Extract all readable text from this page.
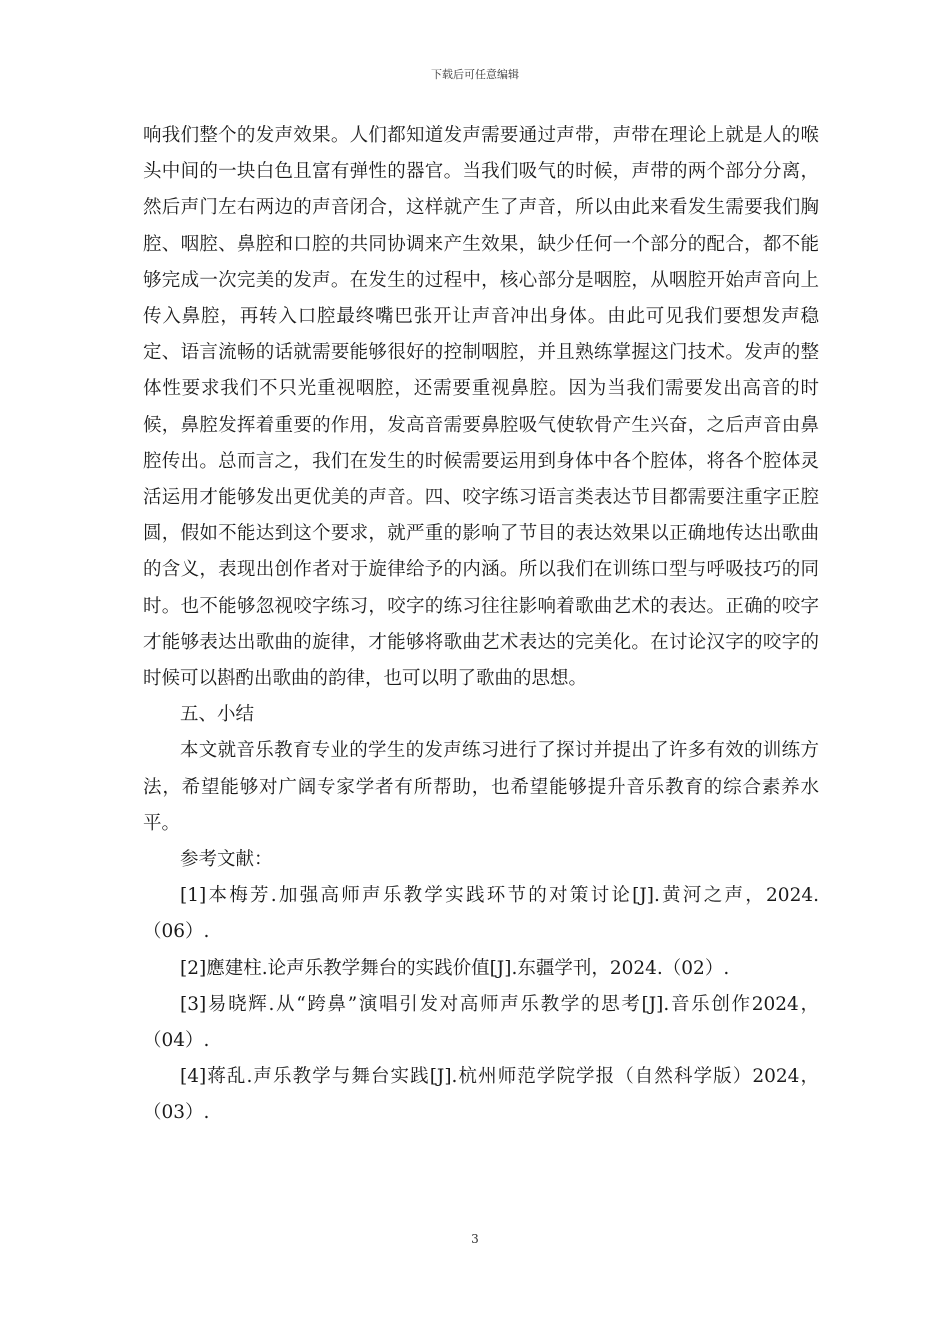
下载后可任意编辑

响我们整个的发声效果。人们都知道发声需要通过声带，声带在理论上就是人的喉头中间的一块白色且富有弹性的器官。当我们吸气的时候，声带的两个部分分离，然后声门左右两边的声音闭合，这样就产生了声音，所以由此来看发生需要我们胸腔、咽腔、鼻腔和口腔的共同协调来产生效果，缺少任何一个部分的配合，都不能够完成一次完美的发声。在发生的过程中，核心部分是咽腔，从咽腔开始声音向上传入鼻腔，再转入口腔最终嘴巴张开让声音冲出身体。由此可见我们要想发声稳定、语言流畅的话就需要能够很好的控制咽腔，并且熟练掌握这门技术。发声的整体性要求我们不只光重视咽腔，还需要重视鼻腔。因为当我们需要发出高音的时候，鼻腔发挥着重要的作用，发高音需要鼻腔吸气使软骨产生兴奋，之后声音由鼻腔传出。总而言之，我们在发生的时候需要运用到身体中各个腔体，将各个腔体灵活运用才能够发出更优美的声音。四、咬字练习语言类表达节目都需要注重字正腔圆，假如不能达到这个要求，就严重的影响了节目的表达效果以正确地传达出歌曲的含义，表现出创作者对于旋律给予的内涵。所以我们在训练口型与呼吸技巧的同时。也不能够忽视咬字练习，咬字的练习往往影响着歌曲艺术的表达。正确的咬字才能够表达出歌曲的旋律，才能够将歌曲艺术表达的完美化。在讨论汉字的咬字的时候可以斟酌出歌曲的韵律，也可以明了歌曲的思想。

五、小结

本文就音乐教育专业的学生的发声练习进行了探讨并提出了许多有效的训练方法，希望能够对广阔专家学者有所帮助，也希望能够提升音乐教育的综合素养水平。

参考文献：

[1]本梅芳.加强高师声乐教学实践环节的对策讨论[J].黄河之声，2024.（06）.

[2]應建柱.论声乐教学舞台的实践价值[J].东疆学刊，2024.（02）.

[3]易晓辉.从“跨鼻”演唱引发对高师声乐教学的思考[J].音乐创作2024，（04）.

[4]蒋乱.声乐教学与舞台实践[J].杭州师范学院学报（自然科学版）2024，（03）.

3
